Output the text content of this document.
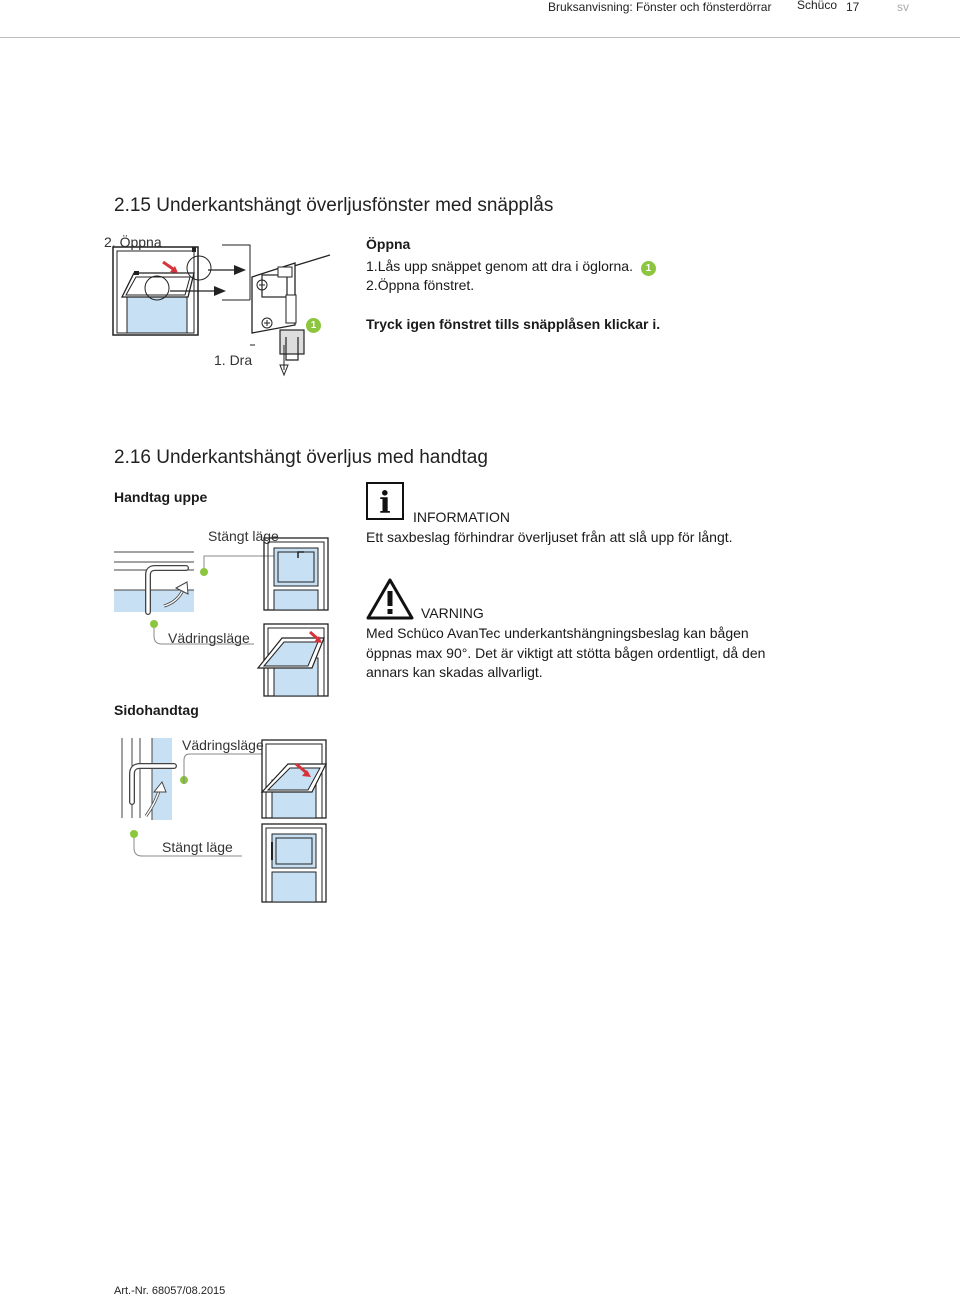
Bruksanvisning: Fönster och fönsterdörrar Schüco 17	sv
2.15 Underkantshängt överljusfönster med snäpplås
2. Öppna
1. Dra
1
Öppna
1.Lås upp snäppet genom att dra i öglorna. 1
2.Öppna fönstret.
Tryck igen fönstret tills snäpplåsen klickar i.
2.16 Underkantshängt överljus med handtag
Handtag uppe
Stängt läge
Vädringsläge
Sidohandtag
Vädringsläge
Stängt läge
i INFORMATION
Ett saxbeslag förhindrar överljuset från att slå upp för långt.
VARNING
Med Schüco AvanTec underkantshängningsbeslag kan bågen
öppnas max 90°. Det är viktigt att stötta bågen ordentligt, då den
annars kan skadas allvarligt.
Art.-Nr. 68057/08.2015
